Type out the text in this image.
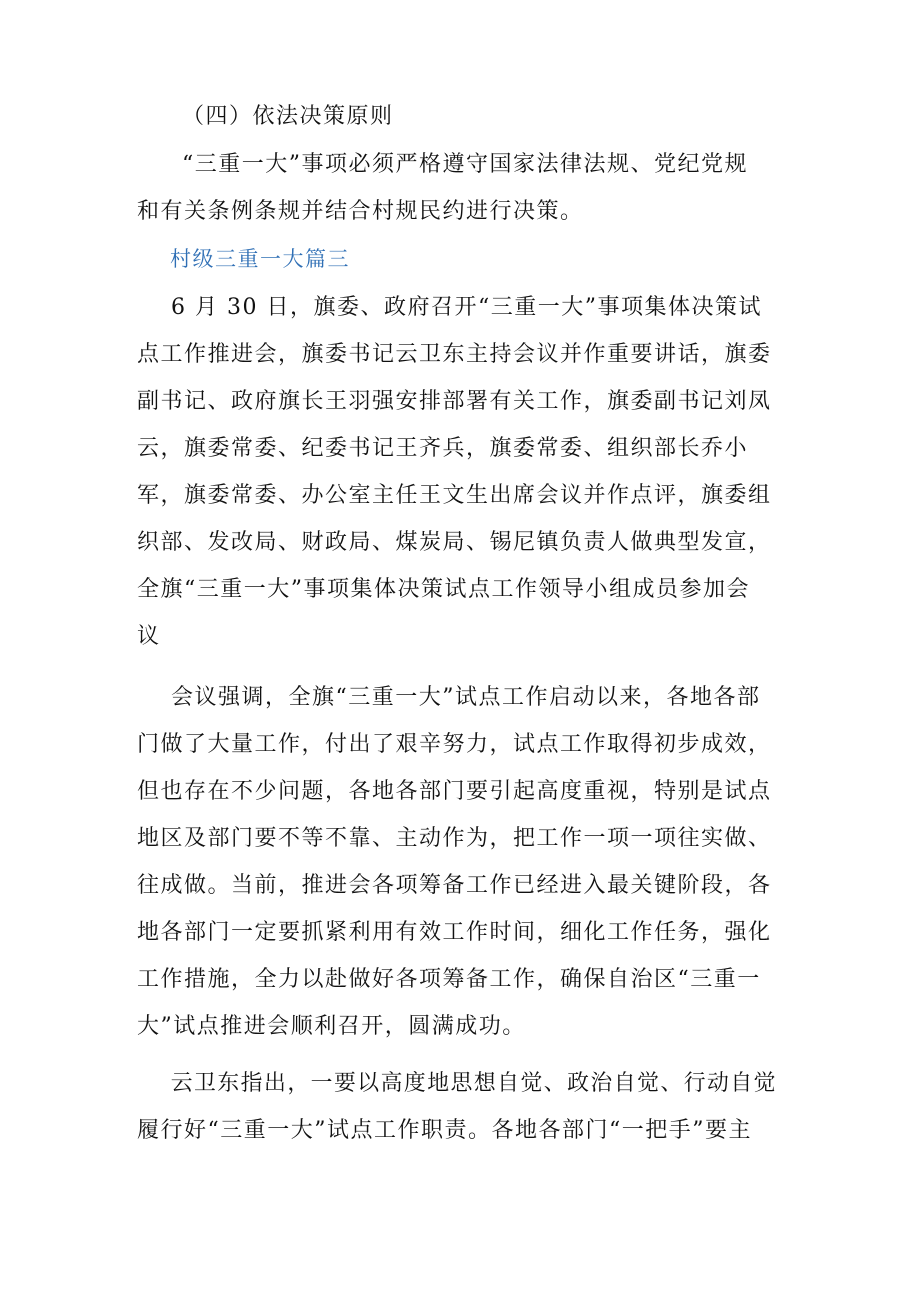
（四）依法决策原则
“三重一大”事项必须严格遵守国家法律法规、党纪党规
和有关条例条规并结合村规民约进行决策。
村级三重一大篇三
6 月 30 日，旗委、政府召开“三重一大”事项集体决策试
点工作推进会，旗委书记云卫东主持会议并作重要讲话，旗委
副书记、政府旗长王羽强安排部署有关工作，旗委副书记刘凤
云，旗委常委、纪委书记王齐兵，旗委常委、组织部长乔小
军，旗委常委、办公室主任王文生出席会议并作点评，旗委组
织部、发改局、财政局、煤炭局、锡尼镇负责人做典型发宣，
全旗“三重一大”事项集体决策试点工作领导小组成员参加会
议
会议强调，全旗“三重一大”试点工作启动以来，各地各部
门做了大量工作，付出了艰辛努力，试点工作取得初步成效，
但也存在不少问题，各地各部门要引起高度重视，特别是试点
地区及部门要不等不靠、主动作为，把工作一项一项往实做、
往成做。当前，推进会各项筹备工作已经进入最关键阶段，各
地各部门一定要抓紧利用有效工作时间，细化工作任务，强化
工作措施，全力以赴做好各项筹备工作，确保自治区“三重一
大”试点推进会顺利召开，圆满成功。
云卫东指出，一要以高度地思想自觉、政治自觉、行动自觉
履行好“三重一大”试点工作职责。各地各部门“一把手”要主
